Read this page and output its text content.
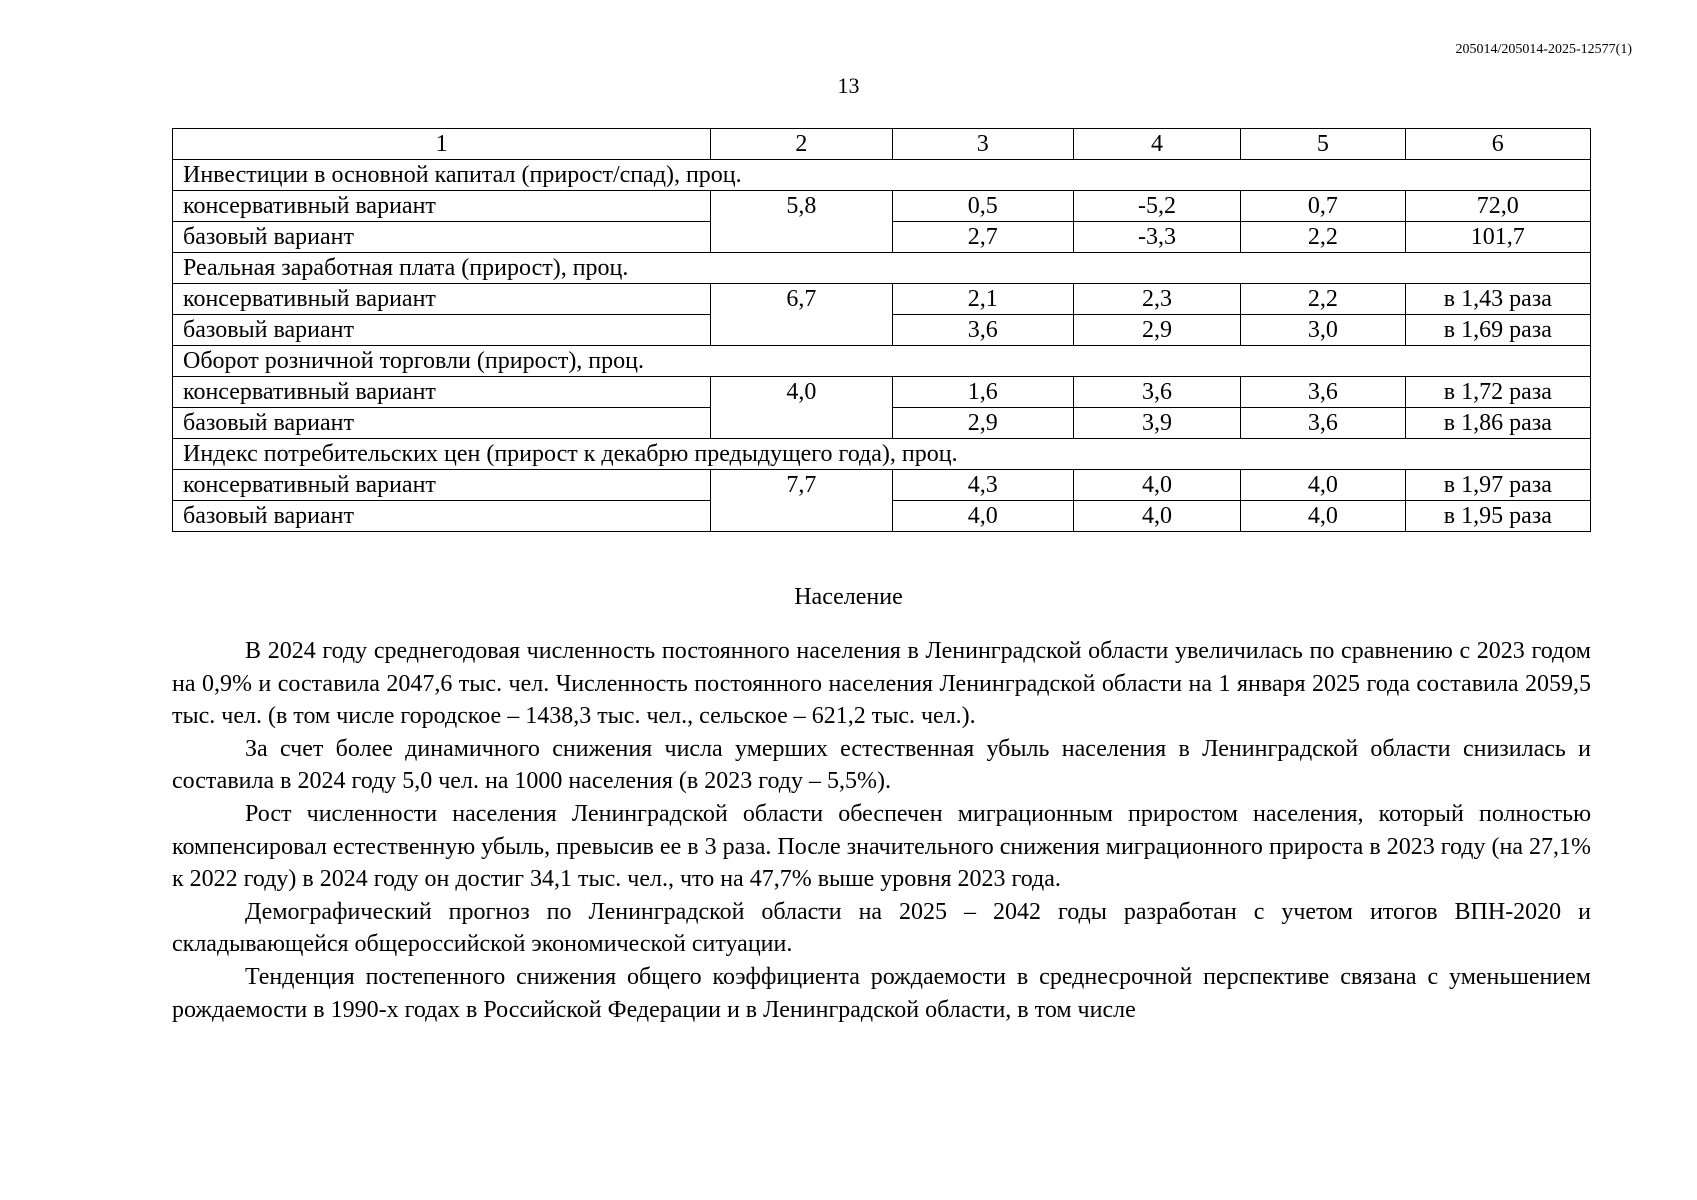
205014/205014-2025-12577(1)
13
1	2	3	4	5	6
Инвестиции в основной капитал (прирост/спад), проц.					
консервативный вариант	5,8	0,5	-5,2	0,7	72,0
базовый вариант		2,7	-3,3	2,2	101,7
Реальная заработная плата (прирост), проц.					
консервативный вариант	6,7	2,1	2,3	2,2	в 1,43 раза
базовый вариант		3,6	2,9	3,0	в 1,69 раза
Оборот розничной торговли (прирост), проц.					
консервативный вариант	4,0	1,6	3,6	3,6	в 1,72 раза
базовый вариант		2,9	3,9	3,6	в 1,86 раза
Индекс потребительских цен (прирост к декабрю предыдущего года), проц.					
консервативный вариант	7,7	4,3	4,0	4,0	в 1,97 раза
базовый вариант		4,0	4,0	4,0	в 1,95 раза
Население

В 2024 году среднегодовая численность постоянного населения в Ленинградской области увеличилась по сравнению с 2023 годом на 0,9% и составила 2047,6 тыс. чел. Численность постоянного населения Ленинградской области на 1 января 2025 года составила 2059,5 тыс. чел. (в том числе городское – 1438,3 тыс. чел., сельское – 621,2 тыс. чел.).

За счет более динамичного снижения числа умерших естественная убыль населения в Ленинградской области снизилась и составила в 2024 году 5,0 чел. на 1000 населения (в 2023 году – 5,5%).

Рост численности населения Ленинградской области обеспечен миграционным приростом населения, который полностью компенсировал естественную убыль, превысив ее в 3 раза. После значительного снижения миграционного прироста в 2023 году (на 27,1% к 2022 году) в 2024 году он достиг 34,1 тыс. чел., что на 47,7% выше уровня 2023 года.

Демографический прогноз по Ленинградской области на 2025 – 2042 годы разработан с учетом итогов ВПН-2020 и складывающейся общероссийской экономической ситуации.

Тенденция постепенного снижения общего коэффициента рождаемости в среднесрочной перспективе связана с уменьшением рождаемости в 1990-х годах в Российской Федерации и в Ленинградской области, в том числе
